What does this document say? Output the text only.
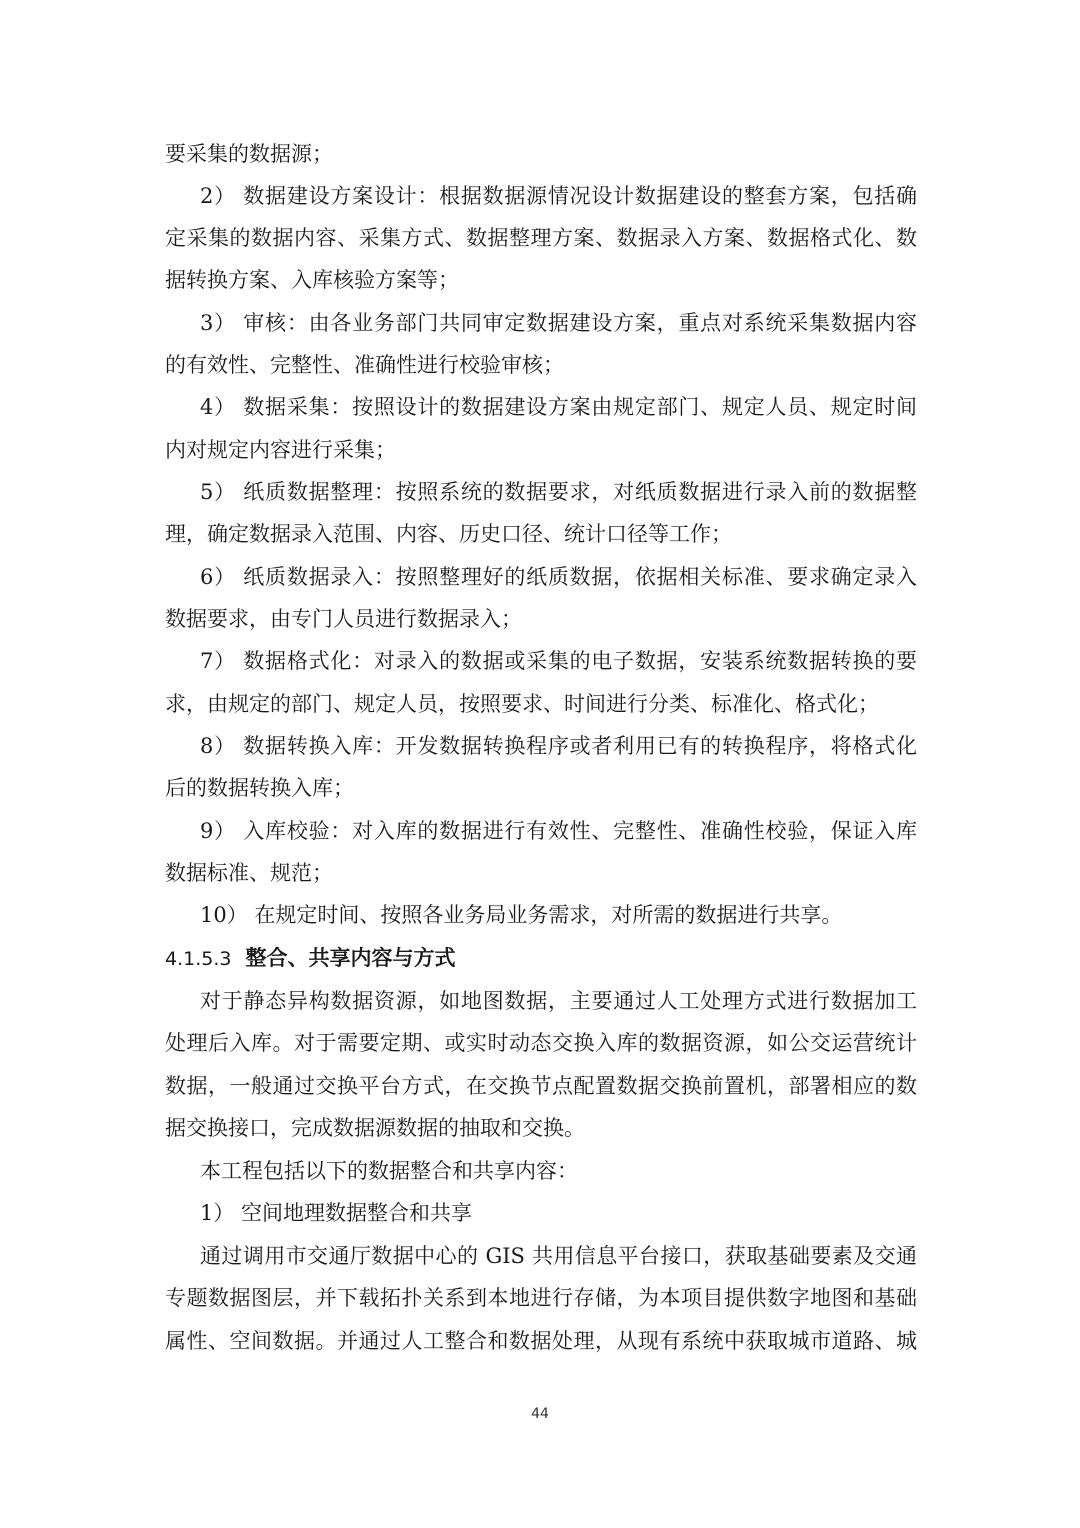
要采集的数据源；
2） 数据建设方案设计：根据数据源情况设计数据建设的整套方案，包括确
定采集的数据内容、采集方式、数据整理方案、数据录入方案、数据格式化、数
据转换方案、入库核验方案等；
3） 审核：由各业务部门共同审定数据建设方案，重点对系统采集数据内容
的有效性、完整性、准确性进行校验审核；
4） 数据采集：按照设计的数据建设方案由规定部门、规定人员、规定时间
内对规定内容进行采集；
5） 纸质数据整理：按照系统的数据要求，对纸质数据进行录入前的数据整
理，确定数据录入范围、内容、历史口径、统计口径等工作；
6） 纸质数据录入：按照整理好的纸质数据，依据相关标准、要求确定录入
数据要求，由专门人员进行数据录入；
7） 数据格式化：对录入的数据或采集的电子数据，安装系统数据转换的要
求，由规定的部门、规定人员，按照要求、时间进行分类、标准化、格式化；
8） 数据转换入库：开发数据转换程序或者利用已有的转换程序，将格式化
后的数据转换入库；
9） 入库校验：对入库的数据进行有效性、完整性、准确性校验，保证入库
数据标准、规范；
10） 在规定时间、按照各业务局业务需求，对所需的数据进行共享。
4.1.5.3 整合、共享内容与方式
对于静态异构数据资源，如地图数据，主要通过人工处理方式进行数据加工
处理后入库。对于需要定期、或实时动态交换入库的数据资源，如公交运营统计
数据，一般通过交换平台方式，在交换节点配置数据交换前置机，部署相应的数
据交换接口，完成数据源数据的抽取和交换。
本工程包括以下的数据整合和共享内容：
1） 空间地理数据整合和共享
通过调用市交通厅数据中心的 GIS 共用信息平台接口，获取基础要素及交通
专题数据图层，并下载拓扑关系到本地进行存储，为本项目提供数字地图和基础
属性、空间数据。并通过人工整合和数据处理，从现有系统中获取城市道路、城
44
